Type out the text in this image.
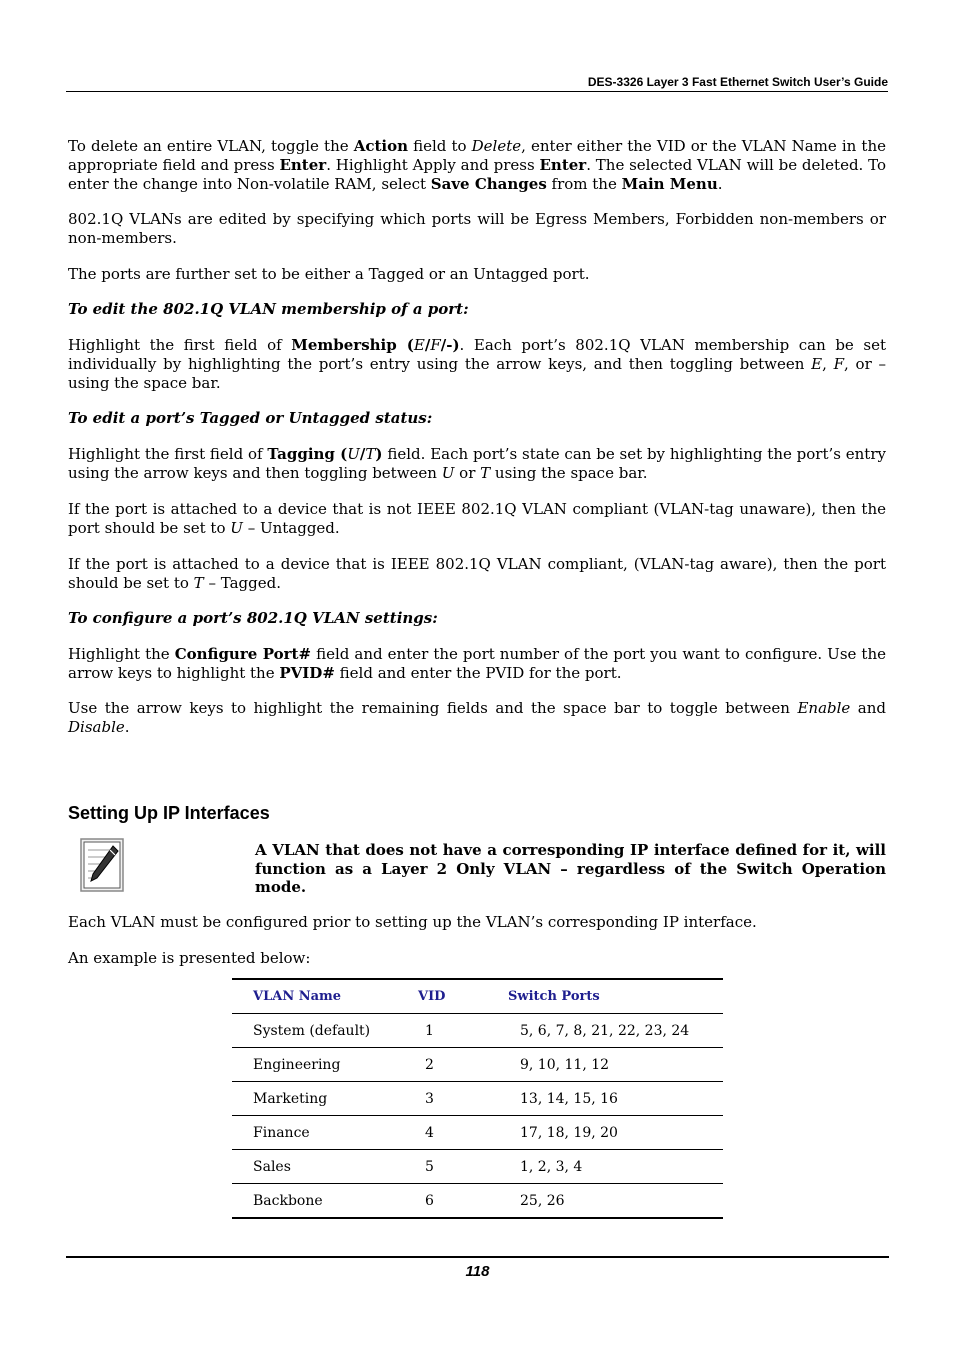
DES-3326 Layer 3 Fast Ethernet Switch User’s Guide

To delete an entire VLAN, toggle the Action field to Delete, enter either the VID or the VLAN Name in the appropriate field and press Enter. Highlight Apply and press Enter. The selected VLAN will be deleted. To enter the change into Non-volatile RAM, select Save Changes from the Main Menu.

802.1Q VLANs are edited by specifying which ports will be Egress Members, Forbidden non-members or non-members.

The ports are further set to be either a Tagged or an Untagged port.

To edit the 802.1Q VLAN membership of a port:

Highlight the first field of Membership (E/F/-). Each port’s 802.1Q VLAN membership can be set individually by highlighting the port’s entry using the arrow keys, and then toggling between E, F, or – using the space bar.

To edit a port’s Tagged or Untagged status:

Highlight the first field of Tagging (U/T) field. Each port’s state can be set by highlighting the port’s entry using the arrow keys and then toggling between U or T using the space bar.

If the port is attached to a device that is not IEEE 802.1Q VLAN compliant (VLAN-tag unaware), then the port should be set to U – Untagged.

If the port is attached to a device that is IEEE 802.1Q VLAN compliant, (VLAN-tag aware), then the port should be set to T – Tagged.

To configure a port’s 802.1Q VLAN settings:

Highlight the Configure Port# field and enter the port number of the port you want to configure. Use the arrow keys to highlight the PVID# field and enter the PVID for the port.

Use the arrow keys to highlight the remaining fields and the space bar to toggle between Enable and Disable.

Setting Up IP Interfaces

A VLAN that does not have a corresponding IP interface defined for it, will function as a Layer 2 Only VLAN – regardless of the Switch Operation mode.

Each VLAN must be configured prior to setting up the VLAN’s corresponding IP interface.

An example is presented below:

VLAN Name	VID	Switch Ports
System (default)	1	5, 6, 7, 8, 21, 22, 23, 24
Engineering	2	9, 10, 11, 12
Marketing	3	13, 14, 15, 16
Finance	4	17, 18, 19, 20
Sales	5	1, 2, 3, 4
Backbone	6	25, 26
118
